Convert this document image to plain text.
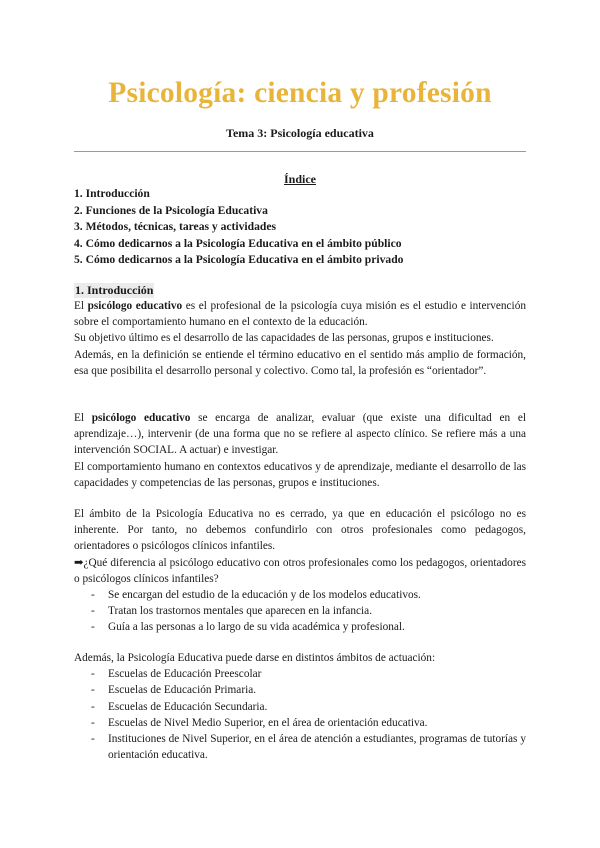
Psicología: ciencia y profesión
Tema 3: Psicología educativa
Índice
1. Introducción
2. Funciones de la Psicología Educativa
3. Métodos, técnicas, tareas y actividades
4. Cómo dedicarnos a la Psicología Educativa en el ámbito público
5. Cómo dedicarnos a la Psicología Educativa en el ámbito privado
1. Introducción

El psicólogo educativo es el profesional de la psicología cuya misión es el estudio e intervención sobre el comportamiento humano en el contexto de la educación.

Su objetivo último es el desarrollo de las capacidades de las personas, grupos e instituciones.

Además, en la definición se entiende el término educativo en el sentido más amplio de formación, esa que posibilita el desarrollo personal y colectivo. Como tal, la profesión es “orientador”.

El psicólogo educativo se encarga de analizar, evaluar (que existe una dificultad en el aprendizaje…), intervenir (de una forma que no se refiere al aspecto clínico. Se refiere más a una intervención SOCIAL. A actuar) e investigar.

El comportamiento humano en contextos educativos y de aprendizaje, mediante el desarrollo de las capacidades y competencias de las personas, grupos e instituciones.

El ámbito de la Psicología Educativa no es cerrado, ya que en educación el psicólogo no es inherente. Por tanto, no debemos confundirlo con otros profesionales como pedagogos, orientadores o psicólogos clínicos infantiles.

➡¿Qué diferencia al psicólogo educativo con otros profesionales como los pedagogos, orientadores o psicólogos clínicos infantiles?

- Se encargan del estudio de la educación y de los modelos educativos.
- Tratan los trastornos mentales que aparecen en la infancia.
- Guía a las personas a lo largo de su vida académica y profesional.

Además, la Psicología Educativa puede darse en distintos ámbitos de actuación:

- Escuelas de Educación Preescolar
- Escuelas de Educación Primaria.
- Escuelas de Educación Secundaria.
- Escuelas de Nivel Medio Superior, en el área de orientación educativa.
- Instituciones de Nivel Superior, en el área de atención a estudiantes, programas de tutorías y orientación educativa.
